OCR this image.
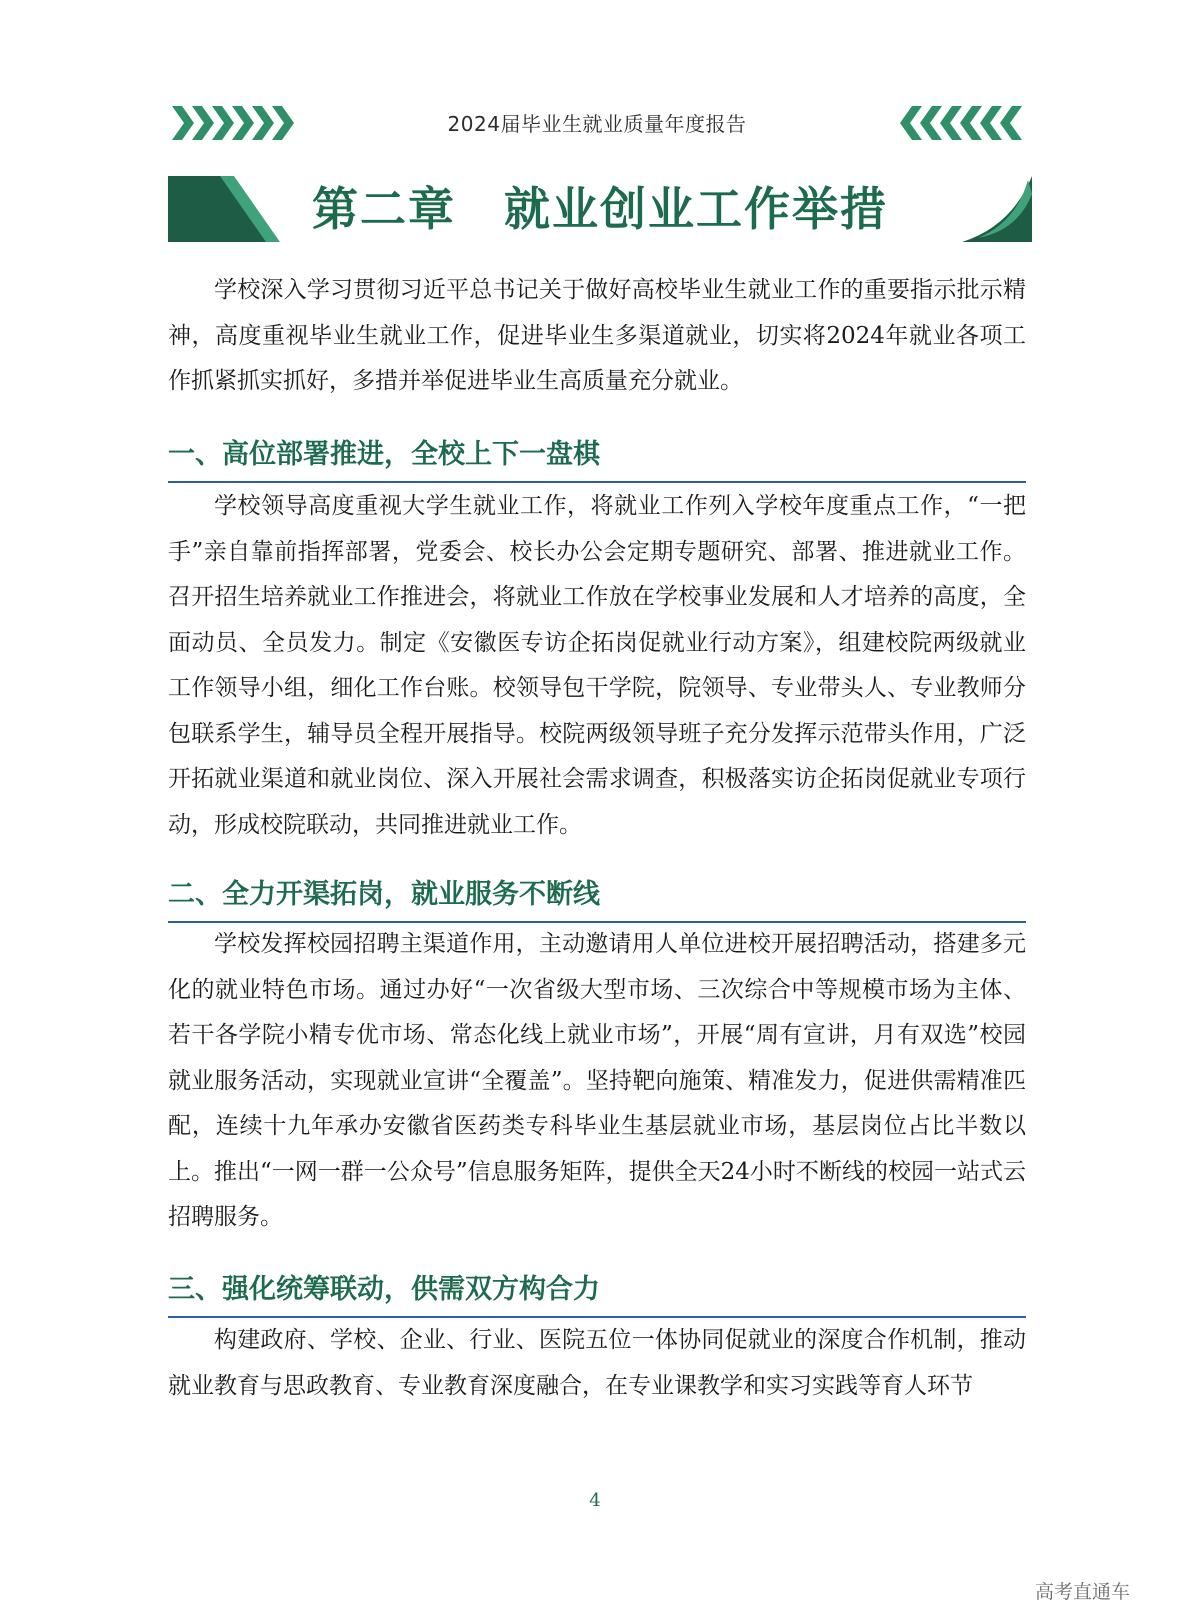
2024届毕业生就业质量年度报告
第二章　就业创业工作举措

学校深入学习贯彻习近平总书记关于做好高校毕业生就业工作的重要指示批示精神，高度重视毕业生就业工作，促进毕业生多渠道就业，切实将2024年就业各项工作抓紧抓实抓好，多措并举促进毕业生高质量充分就业。

一、高位部署推进，全校上下一盘棋

学校领导高度重视大学生就业工作，将就业工作列入学校年度重点工作，“一把手”亲自靠前指挥部署，党委会、校长办公会定期专题研究、部署、推进就业工作。召开招生培养就业工作推进会，将就业工作放在学校事业发展和人才培养的高度，全面动员、全员发力。制定《安徽医专访企拓岗促就业行动方案》，组建校院两级就业工作领导小组，细化工作台账。校领导包干学院，院领导、专业带头人、专业教师分包联系学生，辅导员全程开展指导。校院两级领导班子充分发挥示范带头作用，广泛开拓就业渠道和就业岗位、深入开展社会需求调查，积极落实访企拓岗促就业专项行动，形成校院联动，共同推进就业工作。

二、全力开渠拓岗，就业服务不断线

学校发挥校园招聘主渠道作用，主动邀请用人单位进校开展招聘活动，搭建多元化的就业特色市场。通过办好“一次省级大型市场、三次综合中等规模市场为主体、若干各学院小精专优市场、常态化线上就业市场”，开展“周有宣讲，月有双选”校园就业服务活动，实现就业宣讲“全覆盖”。坚持靶向施策、精准发力，促进供需精准匹配，连续十九年承办安徽省医药类专科毕业生基层就业市场，基层岗位占比半数以上。推出“一网一群一公众号”信息服务矩阵，提供全天24小时不断线的校园一站式云招聘服务。

三、强化统筹联动，供需双方构合力

构建政府、学校、企业、行业、医院五位一体协同促就业的深度合作机制，推动就业教育与思政教育、专业教育深度融合，在专业课教学和实习实践等育人环节

4
高考直通车
